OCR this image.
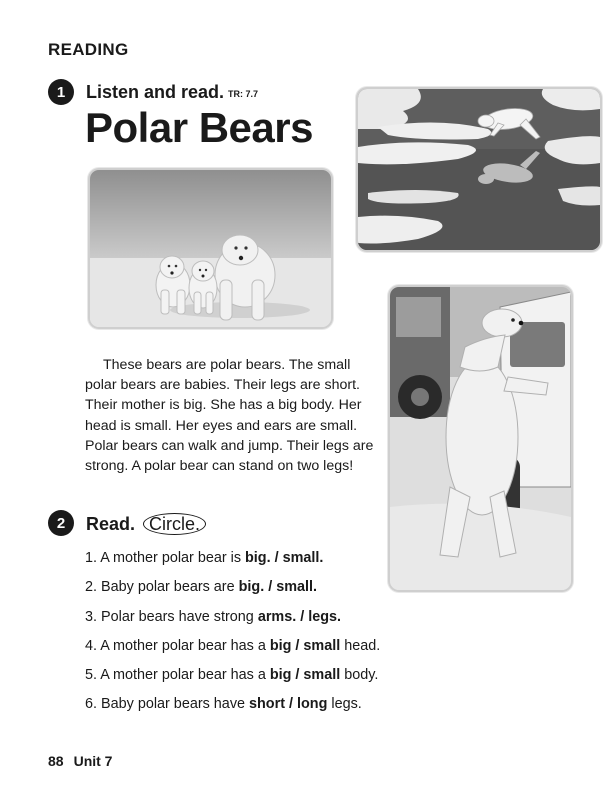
READING
1	Listen and read. TR: 7.7
Polar Bears

These bears are polar bears. The small polar bears are babies. Their legs are short. Their mother is big. She has a big body. Her head is small. Her eyes and ears are small. Polar bears can walk and jump. Their legs are strong. A polar bear can stand on two legs!

2	Read. Circle.
1. A mother polar bear is big. / small.
2. Baby polar bears are big. / small.
3. Polar bears have strong arms. / legs.
4. A mother polar bear has a big / small head.
5. A mother polar bear has a big / small body.
6. Baby polar bears have short / long legs.
88 Unit 7
